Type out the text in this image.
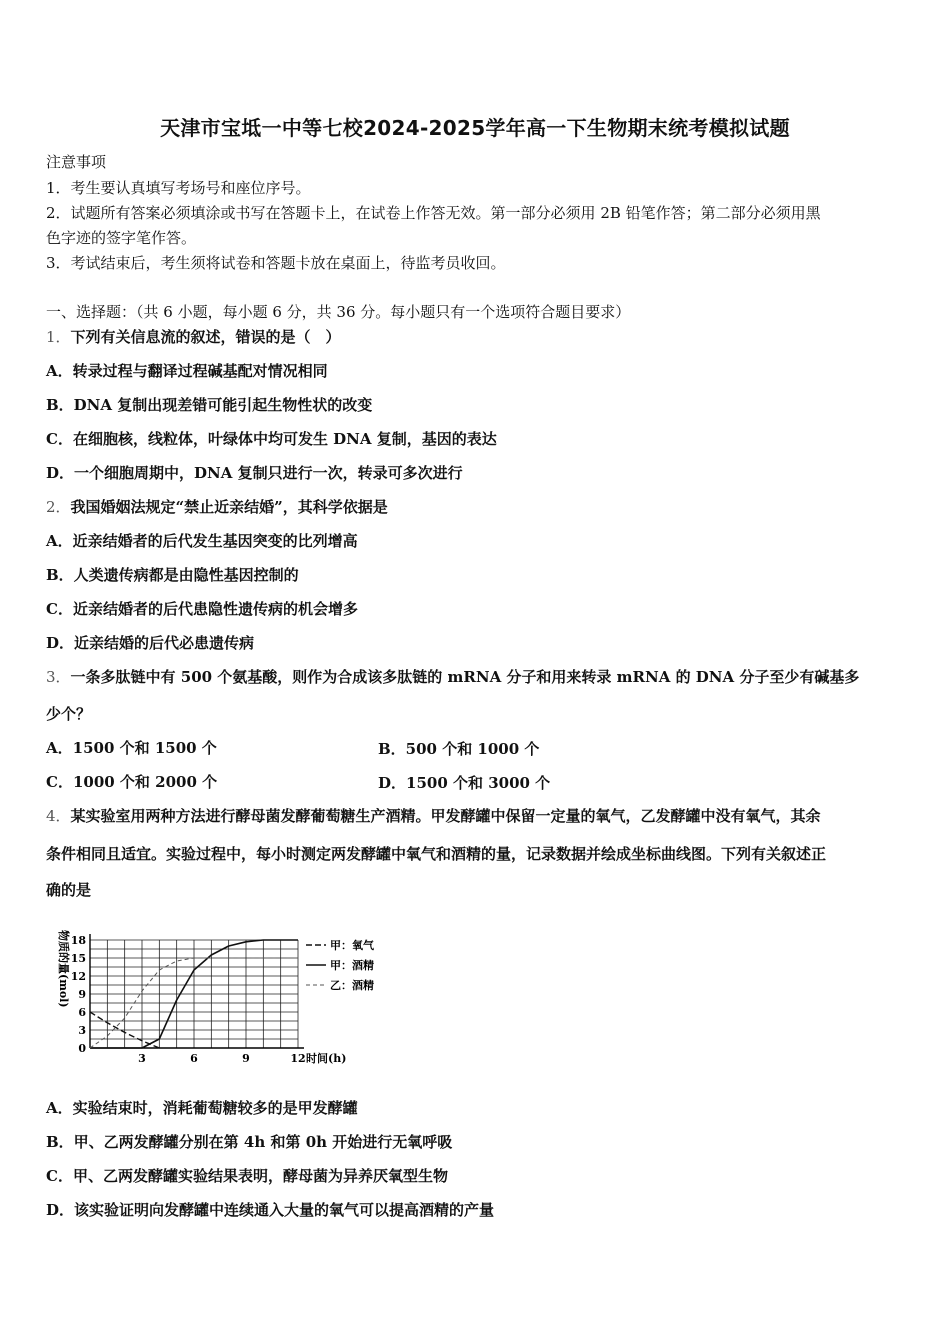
天津市宝坻一中等七校2024-2025学年高一下生物期末统考模拟试题
注意事项
1．考生要认真填写考场号和座位序号。
2．试题所有答案必须填涂或书写在答题卡上，在试卷上作答无效。第一部分必须用 2B 铅笔作答；第二部分必须用黑
色字迹的签字笔作答。
3．考试结束后，考生须将试卷和答题卡放在桌面上，待监考员收回。
一、选择题：（共 6 小题，每小题 6 分，共 36 分。每小题只有一个选项符合题目要求）
1．下列有关信息流的叙述，错误的是（　）
A．转录过程与翻译过程碱基配对情况相同
B．DNA 复制出现差错可能引起生物性状的改变
C．在细胞核，线粒体，叶绿体中均可发生 DNA 复制，基因的表达
D．一个细胞周期中，DNA 复制只进行一次，转录可多次进行
2．我国婚姻法规定“禁止近亲结婚”，其科学依据是
A．近亲结婚者的后代发生基因突变的比列增高
B．人类遗传病都是由隐性基因控制的
C．近亲结婚者的后代患隐性遗传病的机会增多
D．近亲结婚的后代必患遗传病
3．一条多肽链中有 500 个氨基酸，则作为合成该多肽链的 mRNA 分子和用来转录 mRNA 的 DNA 分子至少有碱基多
少个？
A．1500 个和 1500 个	B．500 个和 1000 个
C．1000 个和 2000 个	D．1500 个和 3000 个
4．某实验室用两种方法进行酵母菌发酵葡萄糖生产酒精。甲发酵罐中保留一定量的氧气，乙发酵罐中没有氧气，其余
条件相同且适宜。实验过程中，每小时测定两发酵罐中氧气和酒精的量，记录数据并绘成坐标曲线图。下列有关叙述正
确的是
0
3
6
9
12
15
18
3	6	9	12 时间(h)
甲：氧气
甲：酒精
乙：酒精
物质的量(mol)
A．实验结束时，消耗葡萄糖较多的是甲发酵罐
B．甲、乙两发酵罐分别在第 4h 和第 0h 开始进行无氧呼吸
C．甲、乙两发酵罐实验结果表明，酵母菌为异养厌氧型生物
D．该实验证明向发酵罐中连续通入大量的氧气可以提高酒精的产量
